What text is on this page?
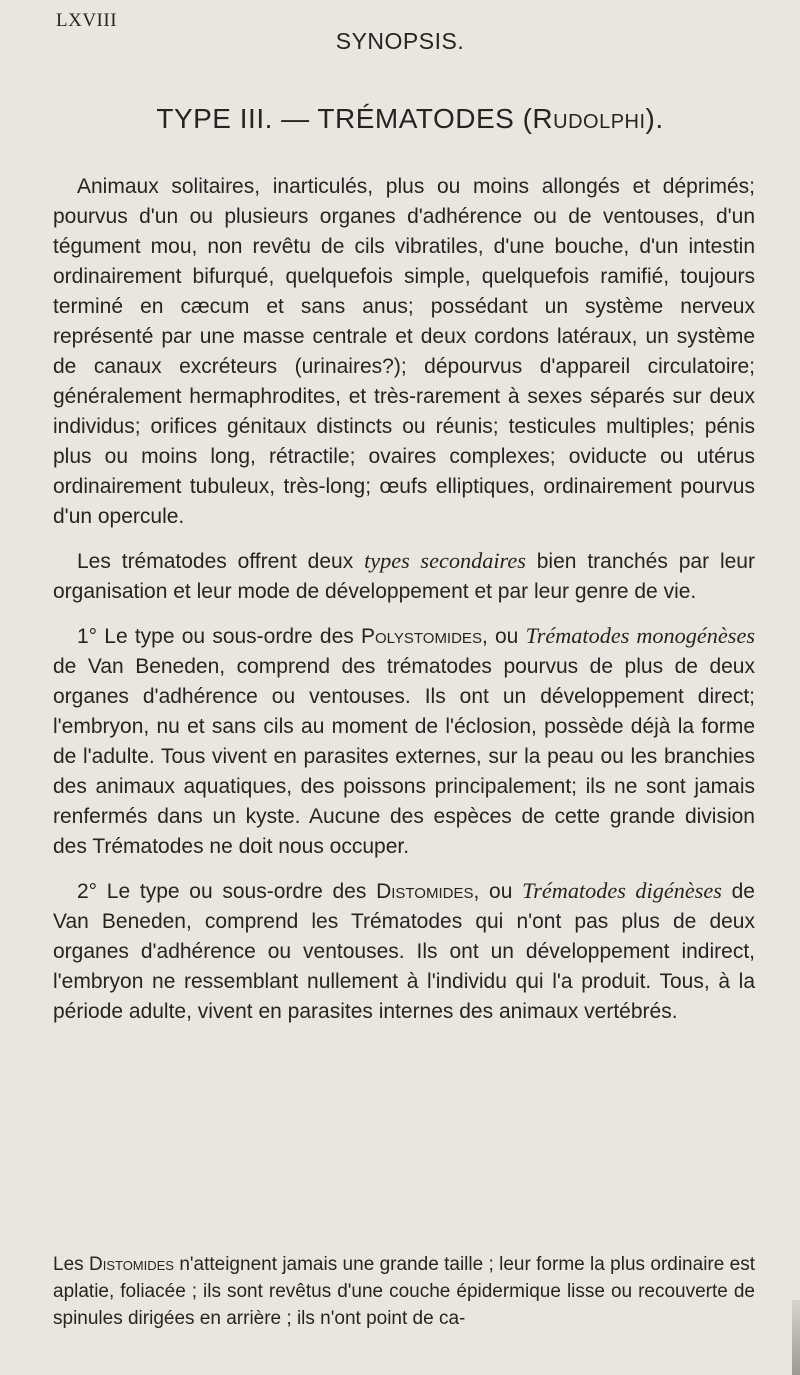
LXVIII
SYNOPSIS.
TYPE III. — TRÉMATODES (Rudolphi).

Animaux solitaires, inarticulés, plus ou moins allongés et déprimés; pourvus d'un ou plusieurs organes d'adhérence ou de ventouses, d'un tégument mou, non revêtu de cils vibratiles, d'une bouche, d'un intestin ordinairement bifurqué, quelquefois simple, quelquefois ramifié, toujours terminé en cæcum et sans anus; possédant un système nerveux représenté par une masse centrale et deux cordons latéraux, un système de canaux excréteurs (urinaires?); dépourvus d'appareil circulatoire; généralement hermaphrodites, et très-rarement à sexes séparés sur deux individus; orifices génitaux distincts ou réunis; testicules multiples; pénis plus ou moins long, rétractile; ovaires complexes; oviducte ou utérus ordinairement tubuleux, très-long; œufs elliptiques, ordinairement pourvus d'un opercule.

Les trématodes offrent deux types secondaires bien tranchés par leur organisation et leur mode de développement et par leur genre de vie.

1° Le type ou sous-ordre des Polystomides, ou Trématodes monogénèses de Van Beneden, comprend des trématodes pourvus de plus de deux organes d'adhérence ou ventouses. Ils ont un développement direct; l'embryon, nu et sans cils au moment de l'éclosion, possède déjà la forme de l'adulte. Tous vivent en parasites externes, sur la peau ou les branchies des animaux aquatiques, des poissons principalement; ils ne sont jamais renfermés dans un kyste. Aucune des espèces de cette grande division des Trématodes ne doit nous occuper.

2° Le type ou sous-ordre des Distomides, ou Trématodes digénèses de Van Beneden, comprend les Trématodes qui n'ont pas plus de deux organes d'adhérence ou ventouses. Ils ont un développement indirect, l'embryon ne ressemblant nullement à l'individu qui l'a produit. Tous, à la période adulte, vivent en parasites internes des animaux vertébrés.

Les Distomides n'atteignent jamais une grande taille ; leur forme la plus ordinaire est aplatie, foliacée ; ils sont revêtus d'une couche épidermique lisse ou recouverte de spinules dirigées en arrière ; ils n'ont point de ca-
